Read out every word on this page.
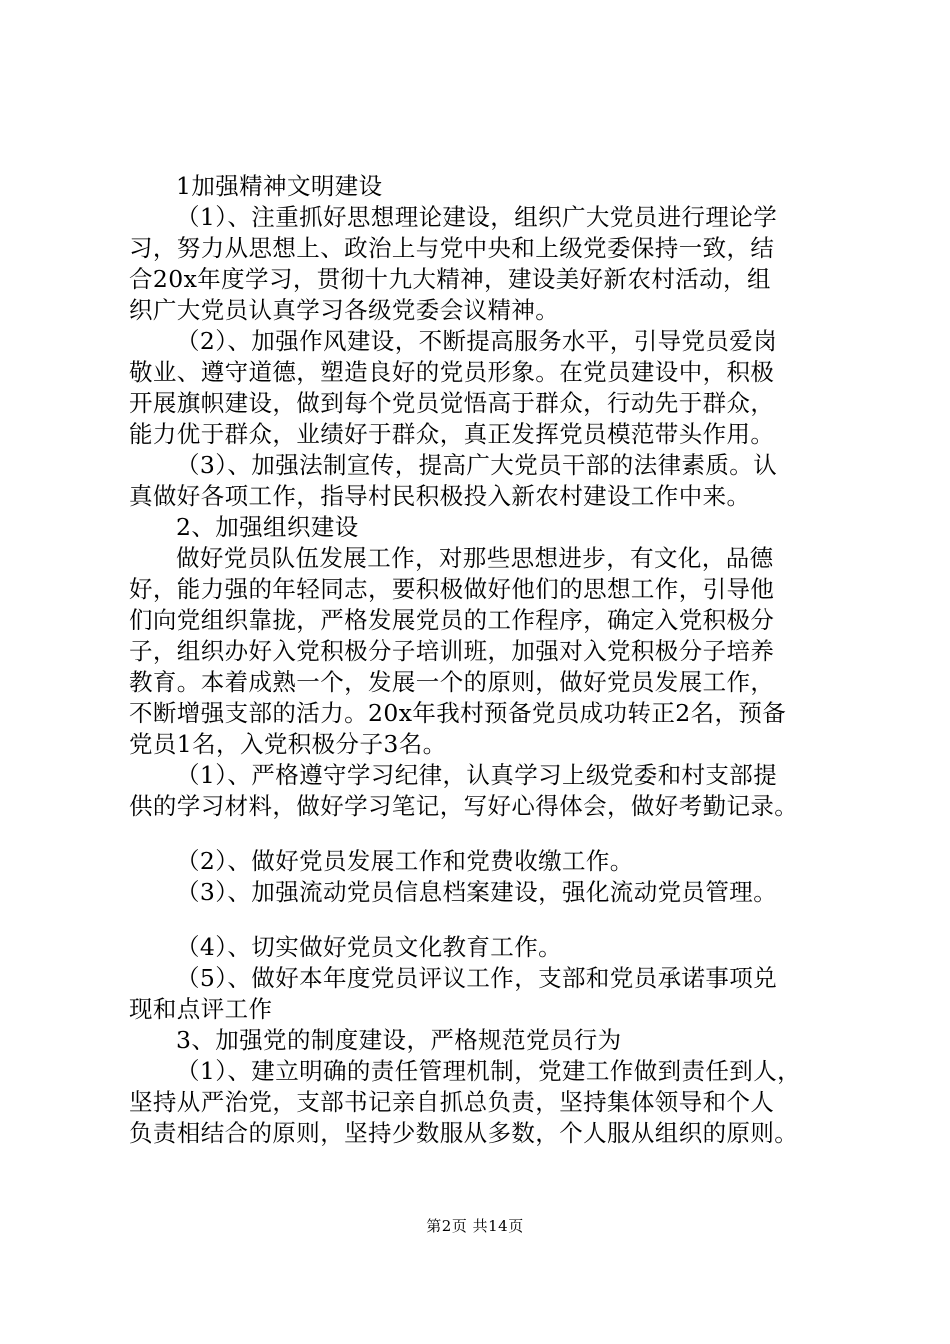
1加强精神文明建设
（1）、注重抓好思想理论建设，组织广大党员进行理论学
习，努力从思想上、政治上与党中央和上级党委保持一致，结
合20x年度学习，贯彻十九大精神，建设美好新农村活动，组
织广大党员认真学习各级党委会议精神。
（2）、加强作风建设，不断提高服务水平，引导党员爱岗
敬业、遵守道德，塑造良好的党员形象。在党员建设中，积极
开展旗帜建设，做到每个党员觉悟高于群众，行动先于群众，
能力优于群众，业绩好于群众，真正发挥党员模范带头作用。
（3）、加强法制宣传，提高广大党员干部的法律素质。认
真做好各项工作，指导村民积极投入新农村建设工作中来。
2、加强组织建设
做好党员队伍发展工作，对那些思想进步，有文化，品德
好，能力强的年轻同志，要积极做好他们的思想工作，引导他
们向党组织靠拢，严格发展党员的工作程序，确定入党积极分
子，组织办好入党积极分子培训班，加强对入党积极分子培养
教育。本着成熟一个，发展一个的原则，做好党员发展工作，
不断增强支部的活力。20x年我村预备党员成功转正2名，预备
党员1名，入党积极分子3名。
（1）、严格遵守学习纪律，认真学习上级党委和村支部提
供的学习材料，做好学习笔记，写好心得体会，做好考勤记录。
（2）、做好党员发展工作和党费收缴工作。
（3）、加强流动党员信息档案建设，强化流动党员管理。
（4）、切实做好党员文化教育工作。
（5）、做好本年度党员评议工作，支部和党员承诺事项兑
现和点评工作
3、加强党的制度建设，严格规范党员行为
（1）、建立明确的责任管理机制，党建工作做到责任到人，
坚持从严治党，支部书记亲自抓总负责，坚持集体领导和个人
负责相结合的原则，坚持少数服从多数，个人服从组织的原则。
第2页 共14页
